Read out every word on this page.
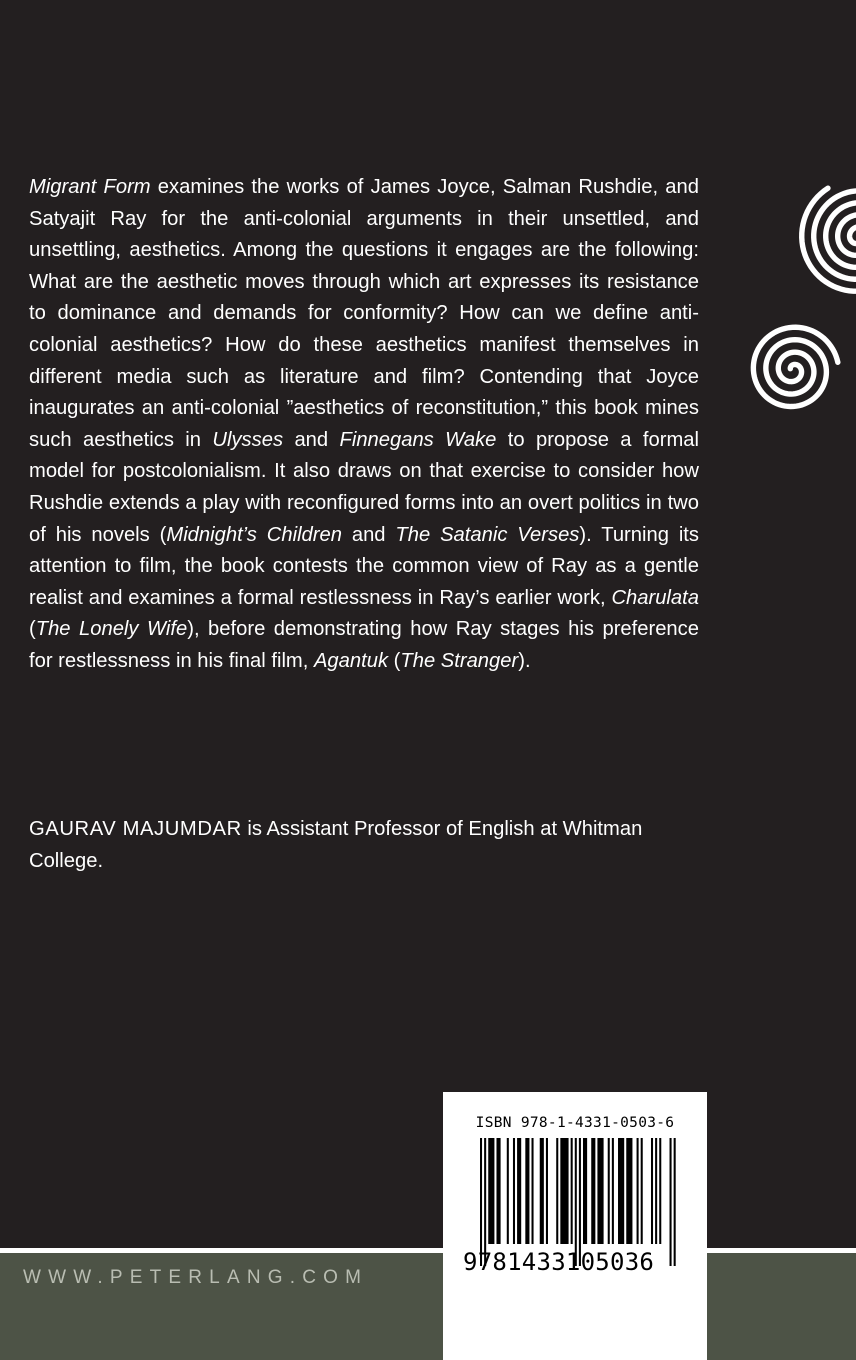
Migrant Form examines the works of James Joyce, Salman Rushdie, and Satyajit Ray for the anti-colonial arguments in their unsettled, and unsettling, aesthetics. Among the questions it engages are the following: What are the aesthetic moves through which art expresses its resistance to dominance and demands for conformity? How can we define anti-colonial aesthetics? How do these aesthetics manifest themselves in different media such as literature and film? Contending that Joyce inaugurates an anti-colonial ”aesthetics of reconstitution,” this book mines such aesthetics in Ulysses and Finnegans Wake to propose a formal model for postcolonialism. It also draws on that exercise to consider how Rushdie extends a play with reconfigured forms into an overt politics in two of his novels (Midnight’s Children and The Satanic Verses). Turning its attention to film, the book contests the common view of Ray as a gentle realist and examines a formal restlessness in Ray’s earlier work, Charulata (The Lonely Wife), before demonstrating how Ray stages his preference for restlessness in his final film, Agantuk (The Stranger).

GAURAV MAJUMDAR is Assistant Professor of English at Whitman College.

WWW.PETERLANG.COM

ISBN 978-1-4331-0503-6

9781433105036
